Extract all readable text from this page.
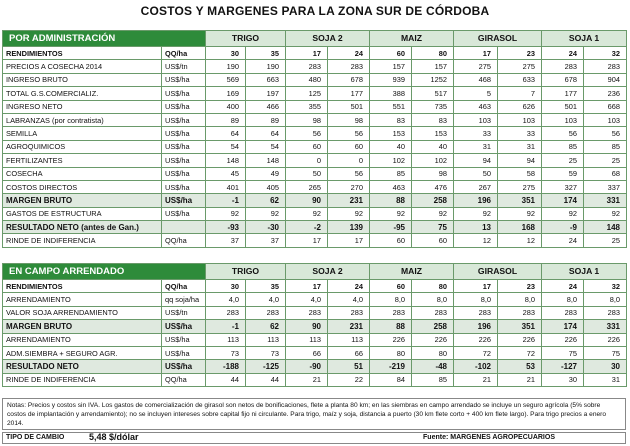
COSTOS Y MARGENES PARA LA ZONA SUR DE CÓRDOBA
POR ADMINISTRACIÓN		TRIGO		SOJA 2		MAIZ		GIRASOL		SOJA 1	
RENDIMIENTOS	QQ/ha	30	35	17	24	60	80	17	23	24	32
PRECIOS A COSECHA 2014	US$/tn	190	190	283	283	157	157	275	275	283	283
INGRESO BRUTO	US$/ha	569	663	480	678	939	1252	468	633	678	904
TOTAL G.S.COMERCIALIZ.	US$/ha	169	197	125	177	388	517	5	7	177	236
INGRESO NETO	US$/ha	400	466	355	501	551	735	463	626	501	668
LABRANZAS (por contratista)	US$/ha	89	89	98	98	83	83	103	103	103	103
SEMILLA	US$/ha	64	64	56	56	153	153	33	33	56	56
AGROQUIMICOS	US$/ha	54	54	60	60	40	40	31	31	85	85
FERTILIZANTES	US$/ha	148	148	0	0	102	102	94	94	25	25
COSECHA	US$/ha	45	49	50	56	85	98	50	58	59	68
COSTOS DIRECTOS	US$/ha	401	405	265	270	463	476	267	275	327	337
MARGEN BRUTO	US$/ha	-1	62	90	231	88	258	196	351	174	331
GASTOS DE ESTRUCTURA	US$/ha	92	92	92	92	92	92	92	92	92	92
RESULTADO NETO (antes de Gan.)		-93	-30	-2	139	-95	75	13	168	-9	148
RINDE DE INDIFERENCIA	QQ/ha	37	37	17	17	60	60	12	12	24	25
EN CAMPO ARRENDADO		TRIGO		SOJA 2		MAIZ		GIRASOL		SOJA 1	
RENDIMIENTOS	QQ/ha	30	35	17	24	60	80	17	23	24	32
ARRENDAMIENTO	qq soja/ha	4,0	4,0	4,0	4,0	8,0	8,0	8,0	8,0	8,0	8,0
VALOR SOJA ARRENDAMIENTO	US$/tn	283	283	283	283	283	283	283	283	283	283
MARGEN BRUTO	US$/ha	-1	62	90	231	88	258	196	351	174	331
ARRENDAMIENTO	US$/ha	113	113	113	113	226	226	226	226	226	226
ADM.SIEMBRA + SEGURO AGR.	US$/ha	73	73	66	66	80	80	72	72	75	75
RESULTADO NETO	US$/ha	-188	-125	-90	51	-219	-48	-102	53	-127	30
RINDE DE INDIFERENCIA	QQ/ha	44	44	21	22	84	85	21	21	30	31
Notas: Precios y costos sin IVA. Los gastos de comercialización de girasol son netos de bonificaciones, flete a planta 80 km; en las siembras en campo arrendado se incluye un seguro agrícola (5% sobre costos de implantación y arrendamiento); no se incluyen intereses sobre capital fijo ni circulante. Para trigo, maíz y soja, distancia a puerto (30 km flete corto + 400 km flete largo). Para trigo precios a enero 2014.
TIPO DE CAMBIO	5,48 $/dólar	Fuente: MARGENES AGROPECUARIOS
